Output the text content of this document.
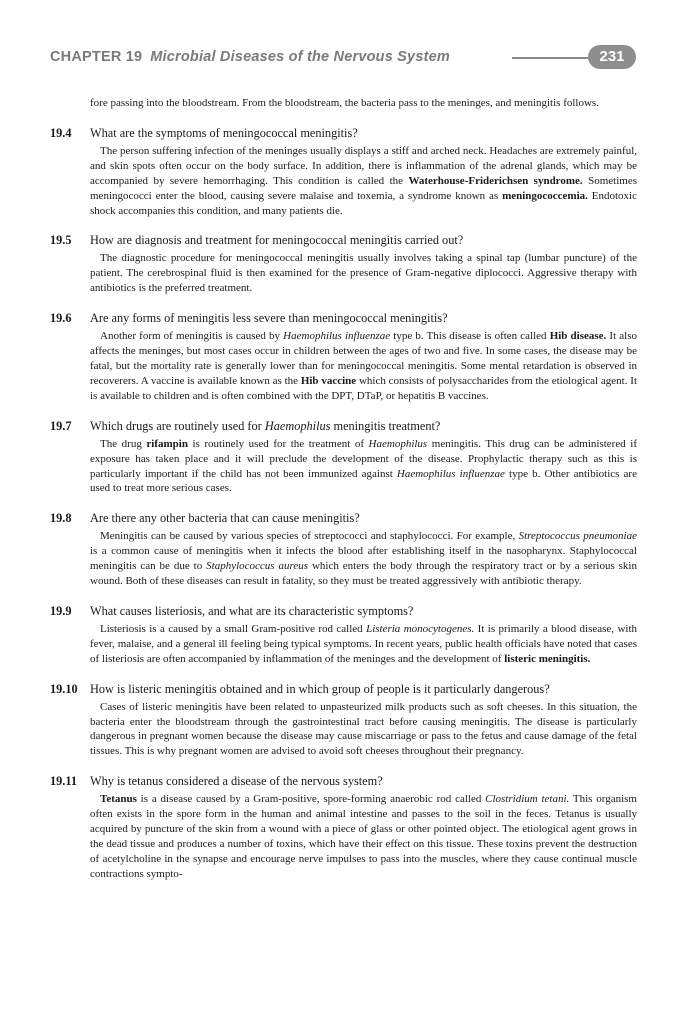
CHAPTER 19 Microbial Diseases of the Nervous System	231

fore passing into the bloodstream. From the bloodstream, the bacteria pass to the meninges, and meningitis follows.

19.4 What are the symptoms of meningococcal meningitis?

The person suffering infection of the meninges usually displays a stiff and arched neck. Headaches are extremely painful, and skin spots often occur on the body surface. In addition, there is inflammation of the adrenal glands, which may be accompanied by severe hemorrhaging. This condition is called the Waterhouse-Friderichsen syndrome. Sometimes meningococci enter the blood, causing severe malaise and toxemia, a syndrome known as meningococcemia. Endotoxic shock accompanies this condition, and many patients die.

19.5 How are diagnosis and treatment for meningococcal meningitis carried out?

The diagnostic procedure for meningococcal meningitis usually involves taking a spinal tap (lumbar puncture) of the patient. The cerebrospinal fluid is then examined for the presence of Gram-negative diplococci. Aggressive therapy with antibiotics is the preferred treatment.

19.6 Are any forms of meningitis less severe than meningococcal meningitis?

Another form of meningitis is caused by Haemophilus influenzae type b. This disease is often called Hib disease. It also affects the meninges, but most cases occur in children between the ages of two and five. In some cases, the disease may be fatal, but the mortality rate is generally lower than for meningococcal meningitis. Some mental retardation is observed in recoverers. A vaccine is available known as the Hib vaccine which consists of polysaccharides from the etiological agent. It is available to children and is often combined with the DPT, DTaP, or hepatitis B vaccines.

19.7 Which drugs are routinely used for Haemophilus meningitis treatment?

The drug rifampin is routinely used for the treatment of Haemophilus meningitis. This drug can be administered if exposure has taken place and it will preclude the development of the disease. Prophylactic therapy such as this is particularly important if the child has not been immunized against Haemophilus influenzae type b. Other antibiotics are used to treat more serious cases.

19.8 Are there any other bacteria that can cause meningitis?

Meningitis can be caused by various species of streptococci and staphylococci. For example, Streptococcus pneumoniae is a common cause of meningitis when it infects the blood after establishing itself in the nasopharynx. Staphylococcal meningitis can be due to Staphylococcus aureus which enters the body through the respiratory tract or by a serious skin wound. Both of these diseases can result in fatality, so they must be treated aggressively with antibiotic therapy.

19.9 What causes listeriosis, and what are its characteristic symptoms?

Listeriosis is a caused by a small Gram-positive rod called Listeria monocytogenes. It is primarily a blood disease, with fever, malaise, and a general ill feeling being typical symptoms. In recent years, public health officials have noted that cases of listeriosis are often accompanied by inflammation of the meninges and the development of listeric meningitis.

19.10 How is listeric meningitis obtained and in which group of people is it particularly dangerous?

Cases of listeric meningitis have been related to unpasteurized milk products such as soft cheeses. In this situation, the bacteria enter the bloodstream through the gastrointestinal tract before causing meningitis. The disease is particularly dangerous in pregnant women because the disease may cause miscarriage or pass to the fetus and cause damage of the fetal tissues. This is why pregnant women are advised to avoid soft cheeses throughout their pregnancy.

19.11 Why is tetanus considered a disease of the nervous system?

Tetanus is a disease caused by a Gram-positive, spore-forming anaerobic rod called Clostridium tetani. This organism often exists in the spore form in the human and animal intestine and passes to the soil in the feces. Tetanus is usually acquired by puncture of the skin from a wound with a piece of glass or other pointed object. The etiological agent grows in the dead tissue and produces a number of toxins, which have their effect on this tissue. These toxins prevent the destruction of acetylcholine in the synapse and encourage nerve impulses to pass into the muscles, where they cause continual muscle contractions sympto-
